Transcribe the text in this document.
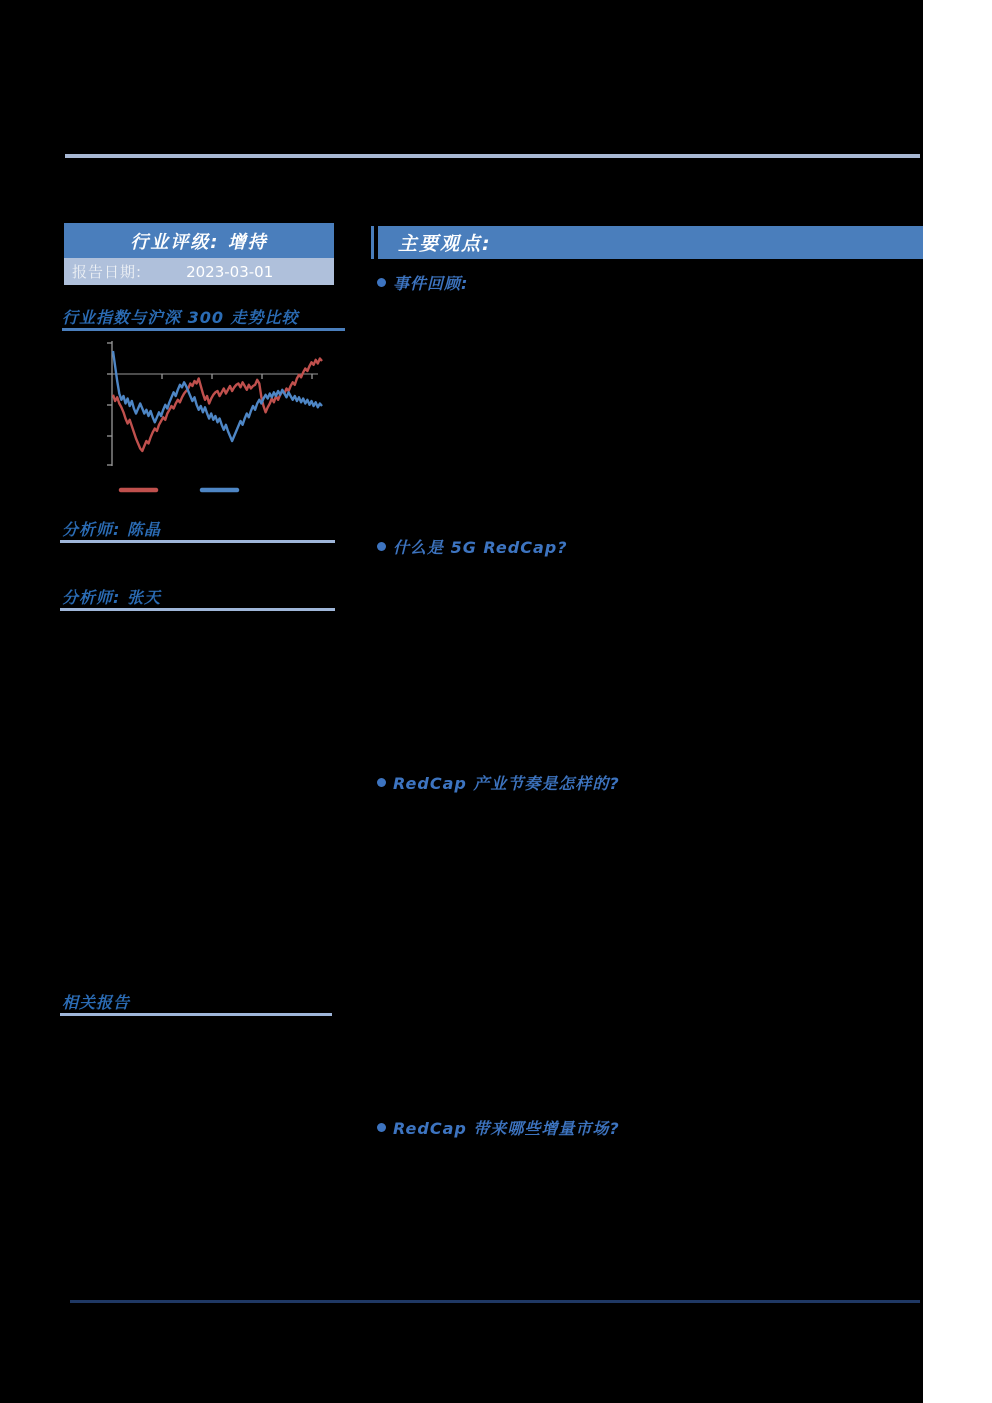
行业评级: 增持
报告日期:	2023-03-01
行业指数与沪深 300 走势比较
分析师: 陈晶
分析师: 张天
相关报告
主要观点:
事件回顾:
什么是 5G RedCap?
RedCap 产业节奏是怎样的?
RedCap 带来哪些增量市场?
